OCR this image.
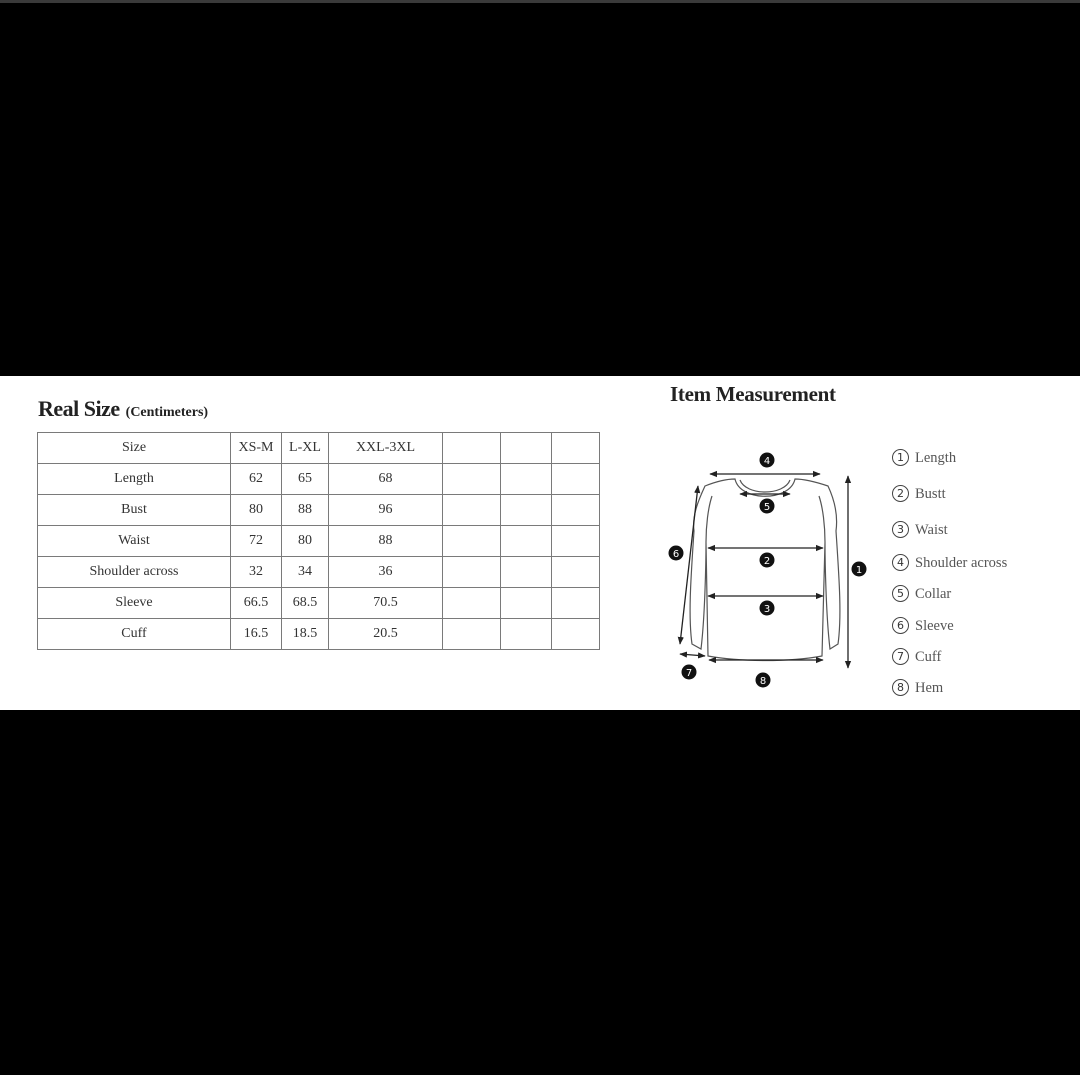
Real Size (Centimeters)
Size	XS-M	L-XL	XXL-3XL			
Length	62	65	68			
Bust	80	88	96			
Waist	72	80	88			
Shoulder across	32	34	36			
Sleeve	66.5	68.5	70.5			
Cuff	16.5	18.5	20.5			
Item Measurement
4
5
6
2
1
3
7
8
1 Length
2 Bustt
3 Waist
4 Shoulder across
5 Collar
6 Sleeve
7 Cuff
8 Hem
